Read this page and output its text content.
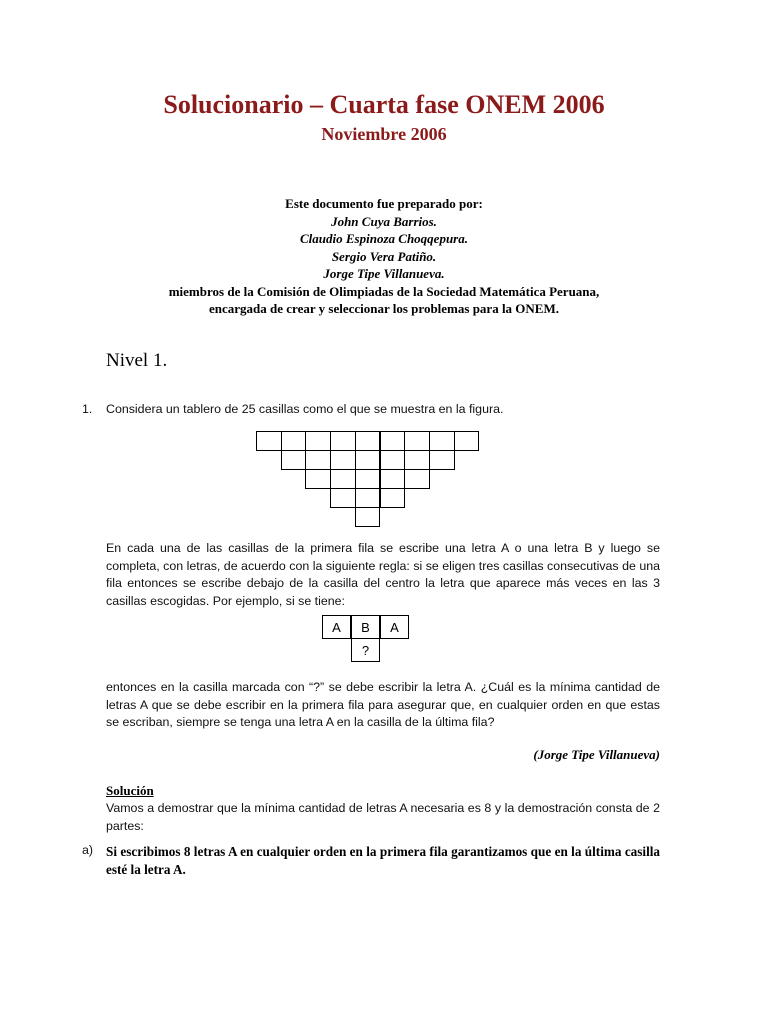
Solucionario – Cuarta fase ONEM 2006
Noviembre 2006
Este documento fue preparado por:
John Cuya Barrios.
Claudio Espinoza Choqqepura.
Sergio Vera Patiño.
Jorge Tipe Villanueva.
miembros de la Comisión de Olimpiadas de la Sociedad Matemática Peruana,
encargada de crear y seleccionar los problemas para la ONEM.
Nivel 1.
1. Considera un tablero de 25 casillas como el que se muestra en la figura.
En cada una de las casillas de la primera fila se escribe una letra A o una letra B y luego se completa, con letras, de acuerdo con la siguiente regla: si se eligen tres casillas consecutivas de una fila entonces se escribe debajo de la casilla del centro la letra que aparece más veces en las 3 casillas escogidas. Por ejemplo, si se tiene:
A	B	A
?
entonces en la casilla marcada con “?” se debe escribir la letra A. ¿Cuál es la mínima cantidad de letras A que se debe escribir en la primera fila para asegurar que, en cualquier orden en que estas se escriban, siempre se tenga una letra A en la casilla de la última fila?
(Jorge Tipe Villanueva)
Solución
Vamos a demostrar que la mínima cantidad de letras A necesaria es 8 y la demostración consta de 2 partes:
a) Si escribimos 8 letras A en cualquier orden en la primera fila garantizamos que en la última casilla esté la letra A.
